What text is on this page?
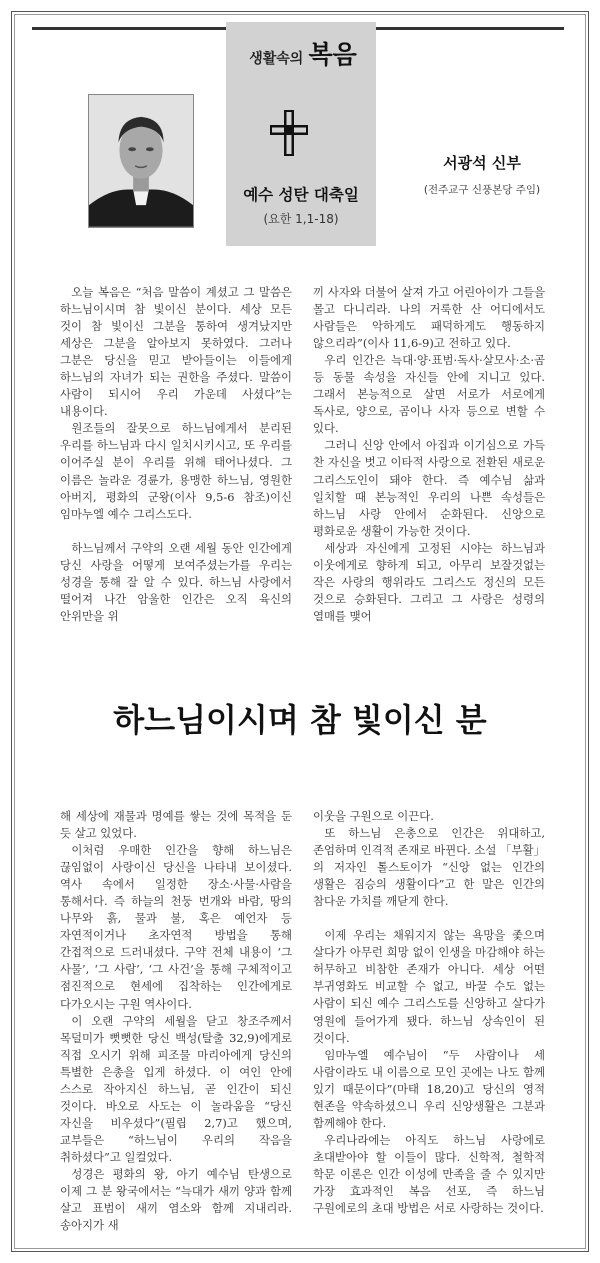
생활속의 복음
예수 성탄 대축일
(요한 1,1-18)
서광석 신부
(전주교구 신풍본당 주임)

오늘 복음은 “처음 말씀이 계셨고 그 말씀은 하느님이시며 참 빛이신 분이다. 세상 모든 것이 참 빛이신 그분을 통하여 생겨났지만 세상은 그분을 알아보지 못하였다. 그러나 그분은 당신을 믿고 받아들이는 이들에게 하느님의 자녀가 되는 권한을 주셨다. 말씀이 사람이 되시어 우리 가운데 사셨다”는 내용이다.

원조들의 잘못으로 하느님에게서 분리된 우리를 하느님과 다시 일치시키시고, 또 우리를 이어주실 분이 우리를 위해 태어나셨다. 그 이름은 놀라운 경륜가, 용맹한 하느님, 영원한 아버지, 평화의 군왕(이사 9,5-6 참조)이신 임마누엘 예수 그리스도다.

하느님께서 구약의 오랜 세월 동안 인간에게 당신 사랑을 어떻게 보여주셨는가를 우리는 성경을 통해 잘 알 수 있다. 하느님 사랑에서 떨어져 나간 암울한 인간은 오직 육신의 안위만을 위

끼 사자와 더불어 살져 가고 어린아이가 그들을 몰고 다니리라. 나의 거룩한 산 어디에서도 사람들은 악하게도 패덕하게도 행동하지 않으리라”(이사 11,6-9)고 전하고 있다.

우리 인간은 늑대·양·표범·독사·살모사·소·곰 등 동물 속성을 자신들 안에 지니고 있다. 그래서 본능적으로 살면 서로가 서로에게 독사로, 양으로, 곰이나 사자 등으로 변할 수 있다.

그러니 신앙 안에서 아집과 이기심으로 가득 찬 자신을 벗고 이타적 사랑으로 전환된 새로운 그리스도인이 돼야 한다. 즉 예수님 삶과 일치할 때 본능적인 우리의 나쁜 속성들은 하느님 사랑 안에서 순화된다. 신앙으로 평화로운 생활이 가능한 것이다.

세상과 자신에게 고정된 시야는 하느님과 이웃에게로 향하게 되고, 아무리 보잘것없는 작은 사랑의 행위라도 그리스도 정신의 모든 것으로 승화된다. 그리고 그 사랑은 성령의 열매를 맺어

하느님이시며 참 빛이신 분

해 세상에 재물과 명예를 쌓는 것에 목적을 둔 듯 살고 있었다.

이처럼 우매한 인간을 향해 하느님은 끊임없이 사랑이신 당신을 나타내 보이셨다. 역사 속에서 일정한 장소·사물·사람을 통해서다. 즉 하늘의 천둥 번개와 바람, 땅의 나무와 흙, 물과 불, 혹은 예언자 등 자연적이거나 초자연적 방법을 통해 간접적으로 드러내셨다. 구약 전체 내용이 ‘그 사물’, ‘그 사람’, ‘그 사건’을 통해 구체적이고 점진적으로 현세에 집착하는 인간에게로 다가오시는 구원 역사이다.

이 오랜 구약의 세월을 닫고 창조주께서 목덜미가 뻣뻣한 당신 백성(탈출 32,9)에게로 직접 오시기 위해 피조물 마리아에게 당신의 특별한 은총을 입게 하셨다. 이 여인 안에 스스로 작아지신 하느님, 곧 인간이 되신 것이다. 바오로 사도는 이 놀라움을 “당신 자신을 비우셨다”(필립 2,7)고 했으며, 교부들은 “하느님이 우리의 작음을 취하셨다”고 일컬었다.

성경은 평화의 왕, 아기 예수님 탄생으로 이제 그 분 왕국에서는 “늑대가 새끼 양과 함께 살고 표범이 새끼 염소와 함께 지내리라. 송아지가 새

이웃을 구원으로 이끈다.

또 하느님 은총으로 인간은 위대하고, 존엄하며 인격적 존재로 바뀐다. 소설 「부활」의 저자인 톨스토이가 “신앙 없는 인간의 생활은 짐승의 생활이다”고 한 말은 인간의 참다운 가치를 깨닫게 한다.

이제 우리는 채워지지 않는 욕망을 좇으며 살다가 아무런 희망 없이 인생을 마감해야 하는 허무하고 비참한 존재가 아니다. 세상 어떤 부귀영화도 비교할 수 없고, 바꿀 수도 없는 사람이 되신 예수 그리스도를 신앙하고 살다가 영원에 들어가게 됐다. 하느님 상속인이 된 것이다.

임마누엘 예수님이 “두 사람이나 세 사람이라도 내 이름으로 모인 곳에는 나도 함께 있기 때문이다”(마태 18,20)고 당신의 영적 현존을 약속하셨으니 우리 신앙생활은 그분과 함께해야 한다.

우리나라에는 아직도 하느님 사랑에로 초대받아야 할 이들이 많다. 신학적, 철학적 학문 이론은 인간 이성에 만족을 줄 수 있지만 가장 효과적인 복음 선포, 즉 하느님 구원에로의 초대 방법은 서로 사랑하는 것이다.
